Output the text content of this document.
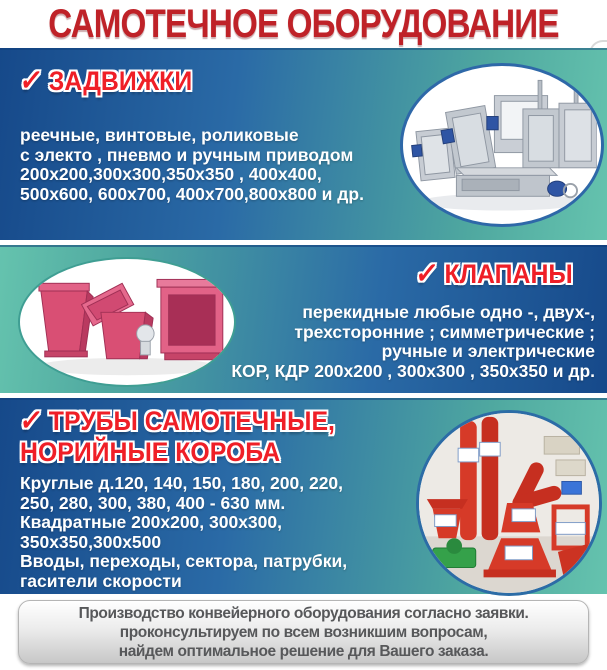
САМОТЕЧНОЕ ОБОРУДОВАНИЕ
✓ ЗАДВИЖКИ
реечные, винтовые, роликовые
с электо , пневмо и ручным приводом
200х200,300х300,350х350 , 400х400,
500х600, 600х700, 400х700,800х800 и др.
✓ КЛАПАНЫ
перекидные любые одно -, двух-,
трехсторонние ; симметрические ;
ручные и электрические
КОР, КДР 200х200 , 300х300 , 350х350 и др.
✓ ТРУБЫ САМОТЕЧНЫЕ,
НОРИЙНЫЕ КОРОБА
Круглые д.120, 140, 150, 180, 200, 220,
250, 280, 300, 380, 400 - 630 мм.
Квадратные 200х200, 300х300,
350х350,300х500
Вводы, переходы, сектора, патрубки,
гасители скорости
Производство конвейерного оборудования согласно заявки.
проконсультируем по всем возникшим вопросам,
найдем оптимальное решение для Вашего заказа.
